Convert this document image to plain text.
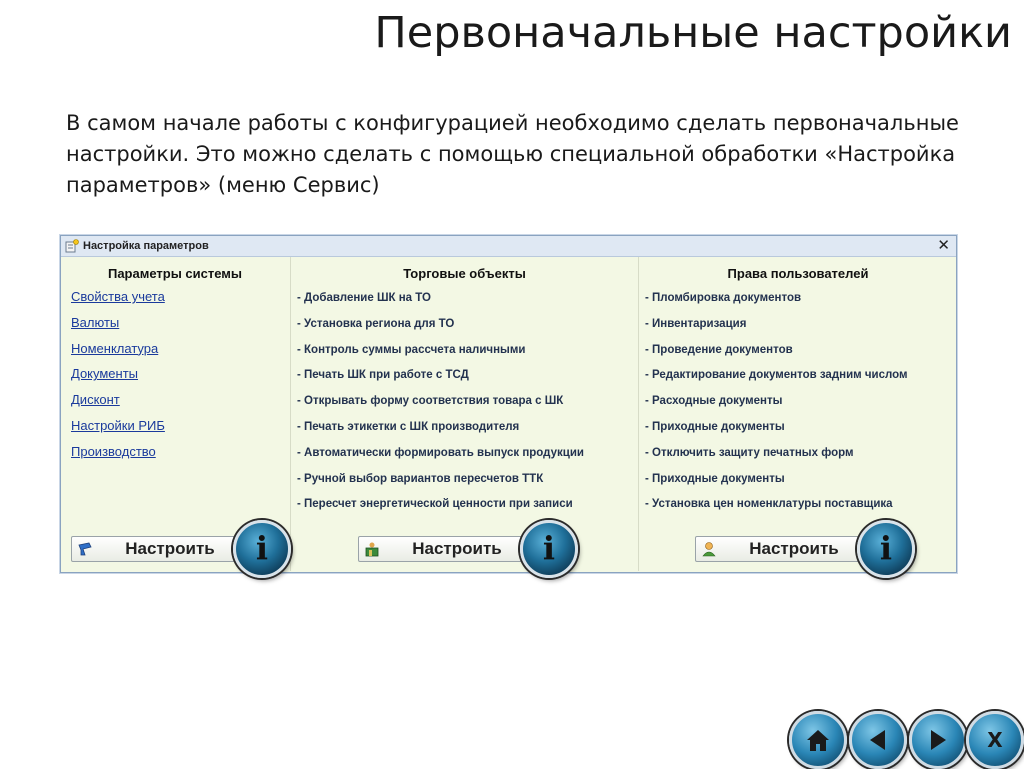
Первоначальные настройки
В самом начале работы с конфигурацией необходимо сделать первоначальные
настройки. Это можно сделать с помощью специальной обработки «Настройка
параметров» (меню Сервис)
Настройка параметров	✕
Параметры системы
Свойства учета
Валюты
Номенклатура
Документы
Дисконт
Настройки РИБ
Производство
Торговые объекты
- Добавление ШК на ТО
- Установка региона для ТО
- Контроль суммы рассчета наличными
- Печать ШК при работе с ТСД
- Открывать форму соответствия товара с ШК
- Печать этикетки с ШК производителя
- Автоматически формировать выпуск продукции
- Ручной выбор вариантов пересчетов ТТК
- Пересчет энергетической ценности при записи
Права пользователей
- Пломбировка документов
- Инвентаризация
- Проведение документов
- Редактирование документов задним числом
- Расходные документы
- Приходные документы
- Отключить защиту печатных форм
- Приходные документы
- Установка цен номенклатуры поставщика
Настроить	i	Настроить	i	Настроить	i
X
